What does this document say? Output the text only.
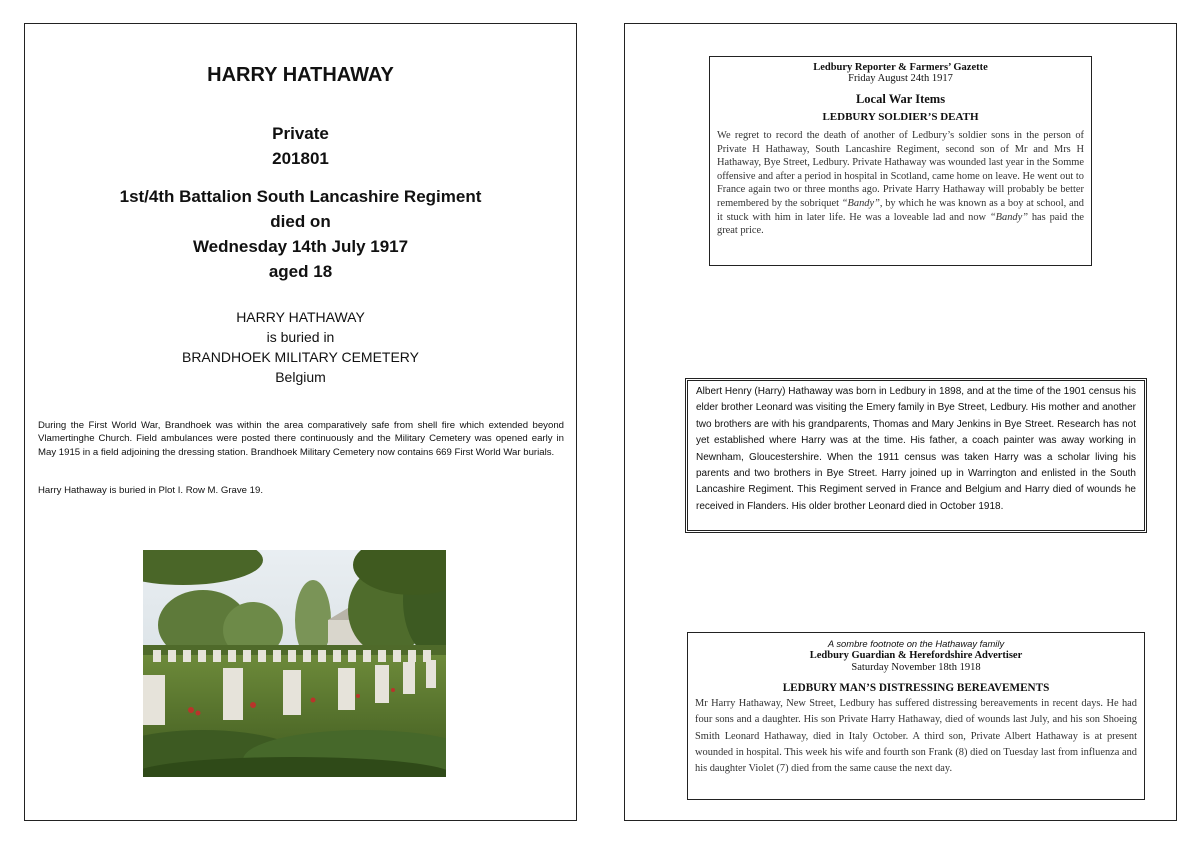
HARRY HATHAWAY
Private
201801
1st/4th Battalion South Lancashire Regiment
died on
Wednesday 14th July 1917
aged 18
HARRY HATHAWAY
is buried in
BRANDHOEK MILITARY CEMETERY
Belgium

During the First World War, Brandhoek was within the area comparatively safe from shell fire which extended beyond Vlamertinghe Church. Field ambulances were posted there continuously and the Military Cemetery was opened early in May 1915 in a field adjoining the dressing station. Brandhoek Military Cemetery now contains 669 First World War burials.

Harry Hathaway is buried in Plot I. Row M. Grave 19.

Ledbury Reporter & Farmers’ Gazette
Friday August 24th 1917
Local War Items
LEDBURY SOLDIER’S DEATH
We regret to record the death of another of Ledbury’s soldier sons in the person of Private H Hathaway, South Lancashire Regiment, second son of Mr and Mrs H Hathaway, Bye Street, Ledbury. Private Hathaway was wounded last year in the Somme offensive and after a period in hospital in Scotland, came home on leave. He went out to France again two or three months ago. Private Harry Hathaway will probably be better remembered by the sobriquet “Bandy”, by which he was known as a boy at school, and it stuck with him in later life. He was a loveable lad and now “Bandy” has paid the great price.

Albert Henry (Harry) Hathaway was born in Ledbury in 1898, and at the time of the 1901 census his elder brother Leonard was visiting the Emery family in Bye Street, Ledbury. His mother and another two brothers are with his grandparents, Thomas and Mary Jenkins in Bye Street. Research has not yet established where Harry was at the time. His father, a coach painter was away working in Newnham, Gloucestershire. When the 1911 census was taken Harry was a scholar living his parents and two brothers in Bye Street. Harry joined up in Warrington and enlisted in the South Lancashire Regiment. This Regiment served in France and Belgium and Harry died of wounds he received in Flanders. His older brother Leonard died in October 1918.

A sombre footnote on the Hathaway family
Ledbury Guardian & Herefordshire Advertiser
Saturday November 18th 1918
LEDBURY MAN’S DISTRESSING BEREAVEMENTS
Mr Harry Hathaway, New Street, Ledbury has suffered distressing bereavements in recent days. He had four sons and a daughter. His son Private Harry Hathaway, died of wounds last July, and his son Shoeing Smith Leonard Hathaway, died in Italy October. A third son, Private Albert Hathaway is at present wounded in hospital. This week his wife and fourth son Frank (8) died on Tuesday last from influenza and his daughter Violet (7) died from the same cause the next day.
